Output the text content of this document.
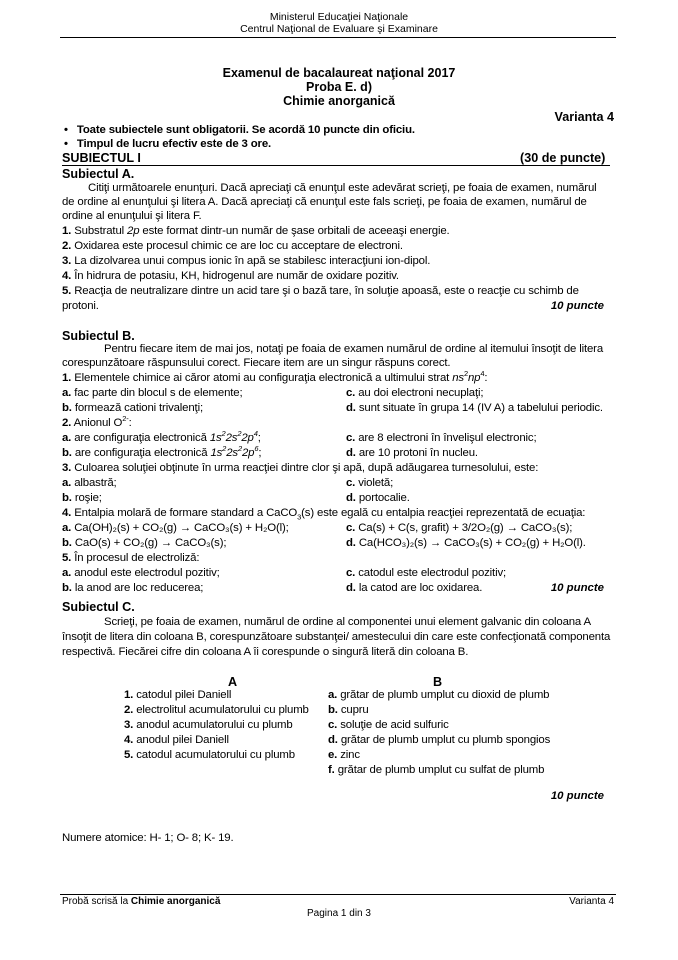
Ministerul Educaţiei Naţionale
Centrul Naţional de Evaluare şi Examinare
Examenul de bacalaureat naţional 2017
Proba E. d)
Chimie anorganică
Varianta 4
•   Toate subiectele sunt obligatorii. Se acordă 10 puncte din oficiu.
•   Timpul de lucru efectiv este de 3 ore.
SUBIECTUL I	(30 de puncte)
Subiectul A.
Citiţi următoarele enunţuri. Dacă apreciaţi că enunţul este adevărat scrieţi, pe foaia de examen, numărul
de ordine al enunţului şi litera A. Dacă apreciaţi că enunţul este fals scrieţi, pe foaia de examen, numărul de
ordine al enunţului şi litera F.
1. Substratul 2p este format dintr-un număr de şase orbitali de aceeaşi energie.
2. Oxidarea este procesul chimic ce are loc cu acceptare de electroni.
3. La dizolvarea unui compus ionic în apă se stabilesc interacţiuni ion-dipol.
4. În hidrura de potasiu, KH, hidrogenul are număr de oxidare pozitiv.
5. Reacţia de neutralizare dintre un acid tare şi o bază tare, în soluţie apoasă, este o reacţie cu schimb de
protoni.	10 puncte
Subiectul B.
Pentru fiecare item de mai jos, notaţi pe foaia de examen numărul de ordine al itemului însoţit de litera
corespunzătoare răspunsului corect. Fiecare item are un singur răspuns corect.
1. Elementele chimice ai căror atomi au configuraţia electronică a ultimului strat $ns^2np^4$:
a. fac parte din blocul s de elemente;	c. au doi electroni necuplaţi;
b. formează cationi trivalenţi;	d. sunt situate în grupa 14 (IV A) a tabelului periodic.
2. Anionul $O^{2-}$:
a. are configuraţia electronică $1s^22s^22p^4$;	c. are 8 electroni în învelişul electronic;
b. are configuraţia electronică $1s^22s^22p^6$;	d. are 10 protoni în nucleu.
3. Culoarea soluţiei obţinute în urma reacţiei dintre clor şi apă, după adăugarea turnesolului, este:
a. albastră;	c. violetă;
b. roşie;	d. portocalie.
4. Entalpia molară de formare standard a CaCO$_3$(s) este egală cu entalpia reacţiei reprezentată de ecuaţia:
a. Ca(OH)₂(s) + CO₂(g) → CaCO₃(s) + H₂O(l);	c. Ca(s) + C(s, grafit) + 3/2O₂(g) → CaCO₃(s);
b. CaO(s) + CO₂(g) → CaCO₃(s);	d. Ca(HCO₃)₂(s) → CaCO₃(s) + CO₂(g) + H₂O(l).
5. În procesul de electroliză:
a. anodul este electrodul pozitiv;	c. catodul este electrodul pozitiv;
b. la anod are loc reducerea;	d. la catod are loc oxidarea.	10 puncte
Subiectul C.
Scrieţi, pe foaia de examen, numărul de ordine al componentei unui element galvanic din coloana A
însoţit de litera din coloana B, corespunzătoare substanţei/ amestecului din care este confecţionată componenta
respectivă. Fiecărei cifre din coloana A îi corespunde o singură literă din coloana B.
A	B
1. catodul pilei Daniell
2. electrolitul acumulatorului cu plumb
3. anodul acumulatorului cu plumb
4. anodul pilei Daniell
5. catodul acumulatorului cu plumb
a. grătar de plumb umplut cu dioxid de plumb
b. cupru
c. soluţie de acid sulfuric
d. grătar de plumb umplut cu plumb spongios
e. zinc
f. grătar de plumb umplut cu sulfat de plumb
10 puncte
Numere atomice: H- 1; O- 8; K- 19.
Probă scrisă la Chimie anorganică	Varianta 4
Pagina 1 din 3
